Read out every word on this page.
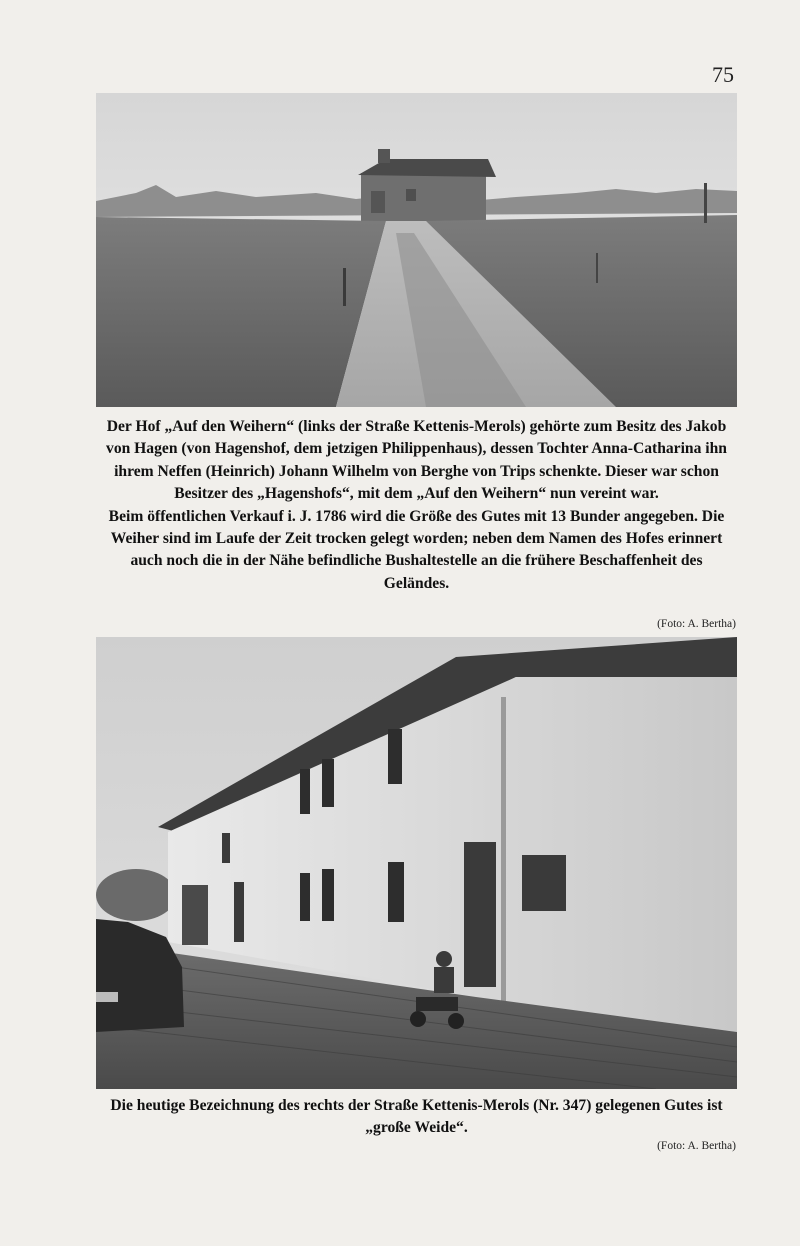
75

Der Hof „Auf den Weihern“ (links der Straße Kettenis-Merols) gehörte zum Besitz des Jakob von Hagen (von Hagenshof, dem jetzigen Philippenhaus), dessen Tochter Anna-Catharina ihn ihrem Neffen (Heinrich) Johann Wilhelm von Berghe von Trips schenkte. Dieser war schon Besitzer des „Hagenshofs“, mit dem „Auf den Weihern“ nun vereint war.

Beim öffentlichen Verkauf i. J. 1786 wird die Größe des Gutes mit 13 Bunder angegeben. Die Weiher sind im Laufe der Zeit trocken gelegt worden; neben dem Namen des Hofes erinnert auch noch die in der Nähe befindliche Bushaltestelle an die frühere Beschaffenheit des Geländes.

(Foto: A. Bertha)

Die heutige Bezeichnung des rechts der Straße Kettenis-Merols (Nr. 347) gelegenen Gutes ist „große Weide“.

(Foto: A. Bertha)
